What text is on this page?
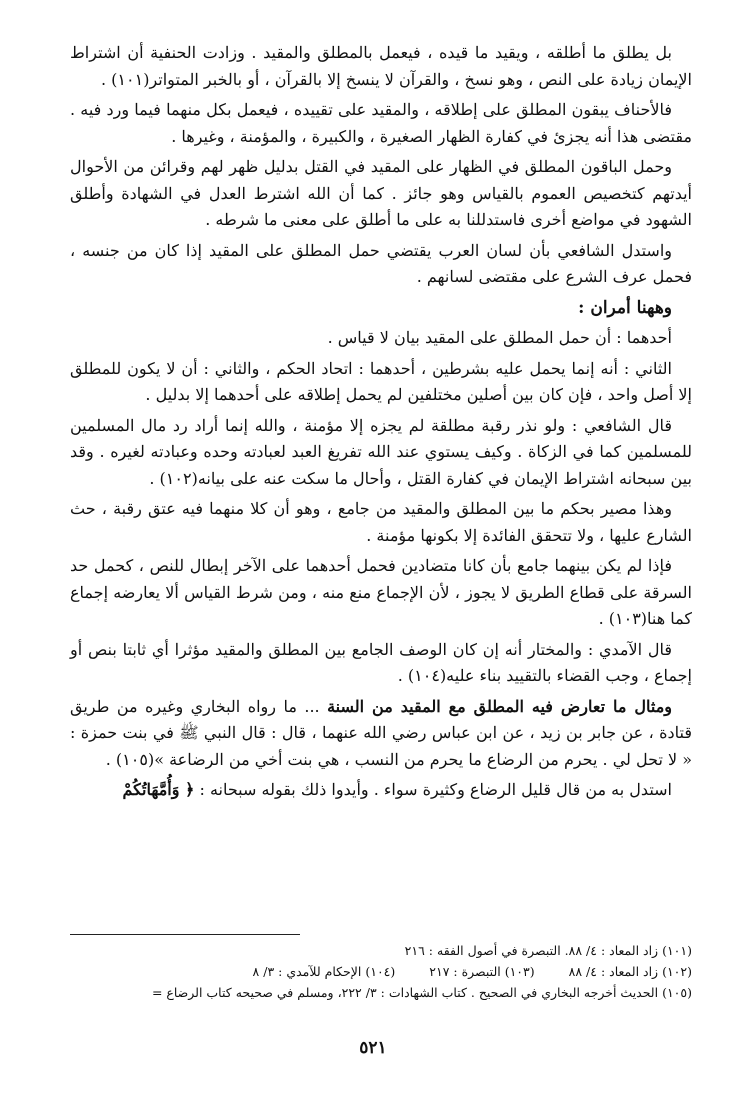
بل يطلق ما أطلقه ، ويقيد ما قيده ، فيعمل بالمطلق والمقيد . وزادت الحنفية أن اشتراط الإيمان زيادة على النص ، وهو نسخ ، والقرآن لا ينسخ إلا بالقرآن ، أو بالخبر المتواتر(١٠١) .

فالأحناف يبقون المطلق على إطلاقه ، والمقيد على تقييده ، فيعمل بكل منهما فيما ورد فيه . مقتضى هذا أنه يجزئ في كفارة الظهار الصغيرة ، والكبيرة ، والمؤمنة ، وغيرها .

وحمل الباقون المطلق في الظهار على المقيد في القتل بدليل ظهر لهم وقرائن من الأحوال أيدتهم كتخصيص العموم بالقياس وهو جائز . كما أن الله اشترط العدل في الشهادة وأطلق الشهود في مواضع أخرى فاستدللنا به على ما أطلق على معنى ما شرطه .

واستدل الشافعي بأن لسان العرب يقتضي حمل المطلق على المقيد إذا كان من جنسه ، فحمل عرف الشرع على مقتضى لسانهم .

وههنا أمران :

أحدهما : أن حمل المطلق على المقيد بيان لا قياس .

الثاني : أنه إنما يحمل عليه بشرطين ، أحدهما : اتحاد الحكم ، والثاني : أن لا يكون للمطلق إلا أصل واحد ، فإن كان بين أصلين مختلفين لم يحمل إطلاقه على أحدهما إلا بدليل .

قال الشافعي : ولو نذر رقبة مطلقة لم يجزه إلا مؤمنة ، والله إنما أراد رد مال المسلمين للمسلمين كما في الزكاة . وكيف يستوي عند الله تفريغ العبد لعبادته وحده وعبادته لغيره . وقد بين سبحانه اشتراط الإيمان في كفارة القتل ، وأحال ما سكت عنه على بيانه(١٠٢) .

وهذا مصير بحكم ما بين المطلق والمقيد من جامع ، وهو أن كلا منهما فيه عتق رقبة ، حث الشارع عليها ، ولا تتحقق الفائدة إلا بكونها مؤمنة .

فإذا لم يكن بينهما جامع بأن كانا متضادين فحمل أحدهما على الآخر إبطال للنص ، كحمل حد السرقة على قطاع الطريق لا يجوز ، لأن الإجماع منع منه ، ومن شرط القياس ألا يعارضه إجماع كما هنا(١٠٣) .

قال الآمدي : والمختار أنه إن كان الوصف الجامع بين المطلق والمقيد مؤثرا أي ثابتا بنص أو إجماع ، وجب القضاء بالتقييد بناء عليه(١٠٤) .

ومثال ما تعارض فيه المطلق مع المقيد من السنة ... ما رواه البخاري وغيره من طريق قتادة ، عن جابر بن زيد ، عن ابن عباس رضي الله عنهما ، قال : قال النبي ﷺ في بنت حمزة : « لا تحل لي . يحرم من الرضاع ما يحرم من النسب ، هي بنت أخي من الرضاعة »(١٠٥) .

استدل به من قال قليل الرضاع وكثيرة سواء . وأيدوا ذلك بقوله سبحانه : ﴿ وَأُمَّهَاتُكُمْ

(١٠١) زاد المعاد : ٤/ ٨٨. التبصرة في أصول الفقه : ٢١٦

(١٠٢) زاد المعاد : ٤/ ٨٨
(١٠٣) التبصرة : ٢١٧
(١٠٤) الإحكام للآمدي : ٣/ ٨

(١٠٥) الحديث أخرجه البخاري في الصحيح . كتاب الشهادات : ٣/ ٢٢٢، ومسلم في صحيحه كتاب الرضاع =

٥٢١
